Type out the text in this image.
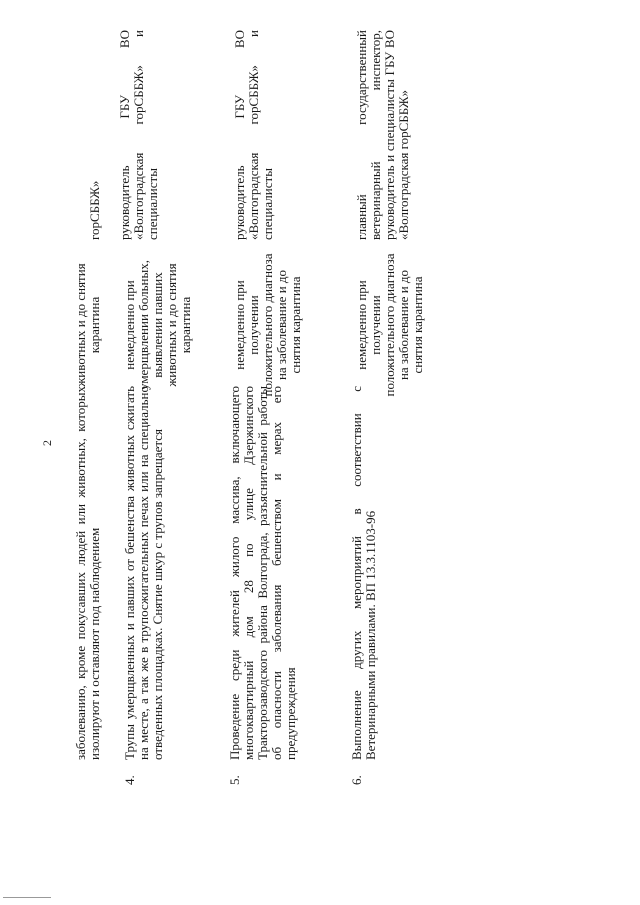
2 заболеванию, кроме покусавших людей или животных, которых изолируют и оставляют под наблюдением
животных и до снятия карантина
горСББЖ»
4.
Трупы умерщвленных и павших от бешенства животных сжигать на месте, а так же в трупосжигательных печах или на специально отведенных площадках. Снятие шкур с трупов запрещается
немедленно при умерщвлении больных, выявлении павших животных и до снятия карантина
руководитель ГБУ ВО «Волгоградская горСББЖ» и специалисты
5.
Проведение среди жителей жилого массива, включающего многоквартирный дом 28 по улице Дзержинского Тракторозаводского района Волгограда, разъяснительной работы об опасности заболевания бешенством и мерах его предупреждения
немедленно при получении положительного диагноза на заболевание и до снятия карантина
руководитель ГБУ ВО «Волгоградская горСББЖ» и специалисты
6.
Выполнение других мероприятий в соответствии с Ветеринарными правилами. ВП 13.3.1103-96
немедленно при получении положительного диагноза на заболевание и до снятия карантина
главный государственный ветеринарный инспектор, руководитель и специалисты ГБУ ВО «Волгоградская горСББЖ»
